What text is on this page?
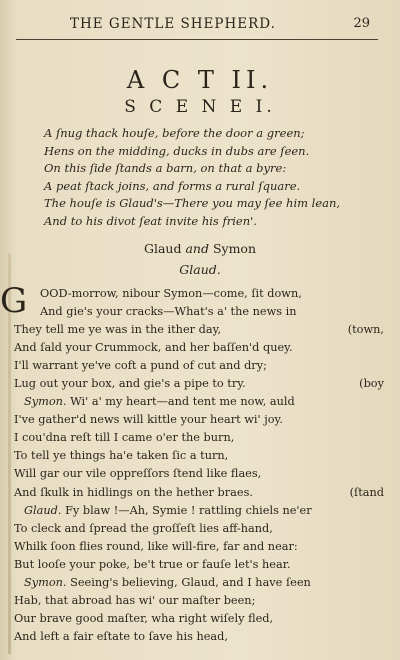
THE GENTLE SHEPHERD.	29
A C T II.
S C E N E I.
A ſnug thack houſe, before the door a green;
Hens on the midding, ducks in dubs are ſeen.
On this ſide ſtands a barn, on that a byre:
A peat ſtack joins, and forms a rural ſquare.
The houſe is Glaud's—There you may ſee him lean,
And to his divot ſeat invite his frien'.
Glaud and Symon
Glaud.
G	OOD-morrow, nibour Symon—come, ſit down,
And gie's your cracks—What's a' the news in
They tell me ye was in the ither day,	(town,
And ſald your Crummock, and her baſſen'd quey.
I'll warrant ye've coft a pund of cut and dry;
Lug out your box, and gie's a pipe to try.	(boy
Symon. Wi' a' my heart—and tent me now, auld
I've gather'd news will kittle your heart wi' joy.
I cou'dna reſt till I came o'er the burn,
To tell ye things ha'e taken ſic a turn,
Will gar our vile oppreſſors ſtend like flaes,
And ſkulk in hidlings on the hether braes.	(ſtand
Glaud. Fy blaw !—Ah, Symie ! rattling chiels ne'er
To cleck and ſpread the groſſeſt lies aff-hand,
Whilk ſoon flies round, like will-fire, far and near:
But looſe your poke, be't true or fauſe let's hear.
Symon. Seeing's believing, Glaud, and I have ſeen
Hab, that abroad has wi' our maſter been;
Our brave good maſter, wha right wiſely fled,
And left a fair eſtate to ſave his head,
